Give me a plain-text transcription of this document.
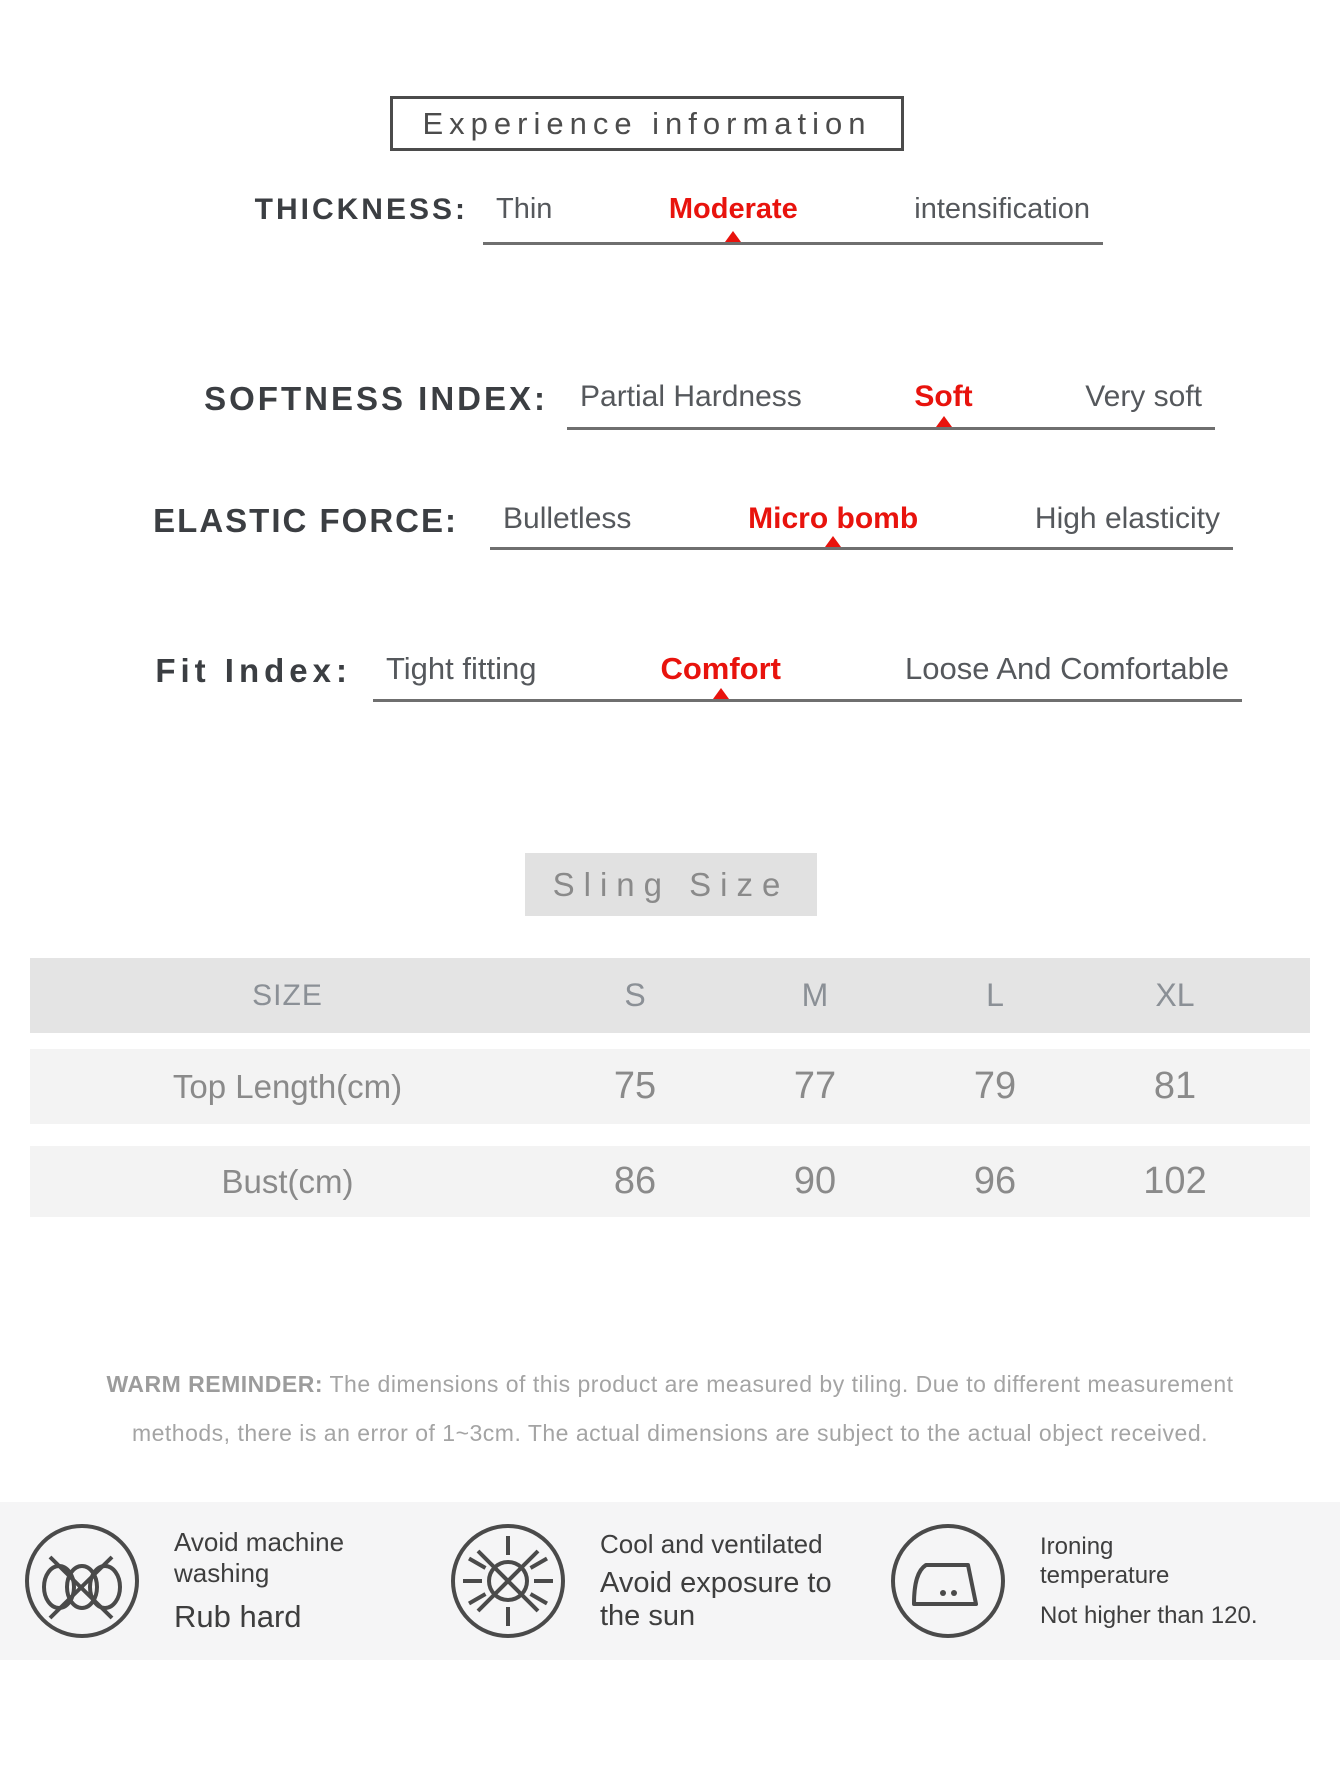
Experience information
THICKNESS: Thin	Moderate	intensification
SOFTNESS INDEX: Partial Hardness	Soft	Very soft
ELASTIC FORCE: Bulletless	Micro bomb	High elasticity
Fit Index: Tight fitting	Comfort	Loose And Comfortable
Sling Size
SIZE	S	M	L	XL
Top Length(cm)	75	77	79	81
Bust(cm)	86	90	96	102
WARM REMINDER: The dimensions of this product are measured by tiling. Due to different measurement
methods, there is an error of 1~3cm. The actual dimensions are subject to the actual object received.
Avoid machine washing
Rub hard
Cool and ventilated
Avoid exposure to the sun
Ironing temperature
Not higher than 120.
